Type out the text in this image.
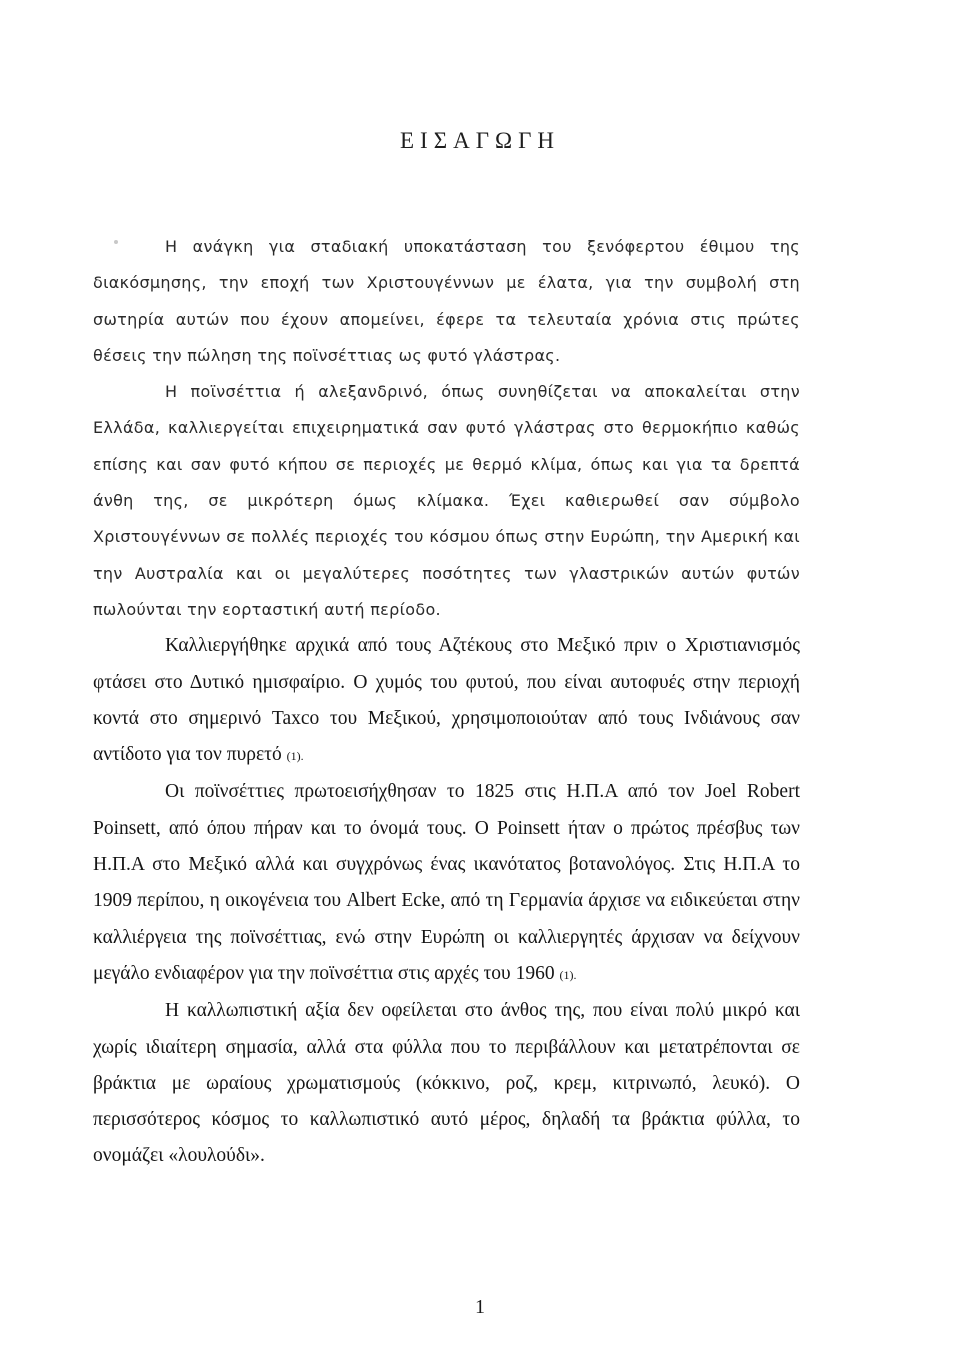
ΕΙΣΑΓΩΓΗ

Η ανάγκη για σταδιακή υποκατάσταση του ξενόφερτου έθιμου της διακόσμησης, την εποχή των Χριστουγέννων με έλατα, για την συμβολή στη σωτηρία αυτών που έχουν απομείνει, έφερε τα τελευταία χρόνια στις πρώτες θέσεις την πώληση της ποϊνσέττιας ως φυτό γλάστρας.

Η ποϊνσέττια ή αλεξανδρινό, όπως συνηθίζεται να αποκαλείται στην Ελλάδα, καλλιεργείται επιχειρηματικά σαν φυτό γλάστρας στο θερμοκήπιο καθώς επίσης και σαν φυτό κήπου σε περιοχές με θερμό κλίμα, όπως και για τα δρεπτά άνθη της, σε μικρότερη όμως κλίμακα. Έχει καθιερωθεί σαν σύμβολο Χριστουγέννων σε πολλές περιοχές του κόσμου όπως στην Ευρώπη, την Αμερική και την Αυστραλία και οι μεγαλύτερες ποσότητες των γλαστρικών αυτών φυτών πωλούνται την εορταστική αυτή περίοδο.

Καλλιεργήθηκε αρχικά από τους Αζτέκους στο Μεξικό πριν ο Χριστιανισμός φτάσει στο Δυτικό ημισφαίριο. Ο χυμός του φυτού, που είναι αυτοφυές στην περιοχή κοντά στο σημερινό Taxco του Μεξικού, χρησιμοποιούταν από τους Ινδιάνους σαν αντίδοτο για τον πυρετό (1).

Οι ποϊνσέττιες πρωτοεισήχθησαν το 1825 στις Η.Π.Α από τον Joel Robert Poinsett, από όπου πήραν και το όνομά τους. Ο Poinsett ήταν ο πρώτος πρέσβυς των Η.Π.Α στο Μεξικό αλλά και συγχρόνως ένας ικανότατος βοτανολόγος. Στις Η.Π.Α το 1909 περίπου, η οικογένεια του Albert Ecke, από τη Γερμανία άρχισε να ειδικεύεται στην καλλιέργεια της ποϊνσέττιας, ενώ στην Ευρώπη οι καλλιεργητές άρχισαν να δείχνουν μεγάλο ενδιαφέρον για την ποϊνσέττια στις αρχές του 1960 (1).

Η καλλωπιστική αξία δεν οφείλεται στο άνθος της, που είναι πολύ μικρό και χωρίς ιδιαίτερη σημασία, αλλά στα φύλλα που το περιβάλλουν και μετατρέπονται σε βράκτια με ωραίους χρωματισμούς (κόκκινο, ροζ, κρεμ, κιτρινωπό, λευκό). Ο περισσότερος κόσμος το καλλωπιστικό αυτό μέρος, δηλαδή τα βράκτια φύλλα, το ονομάζει «λουλούδι».

1
